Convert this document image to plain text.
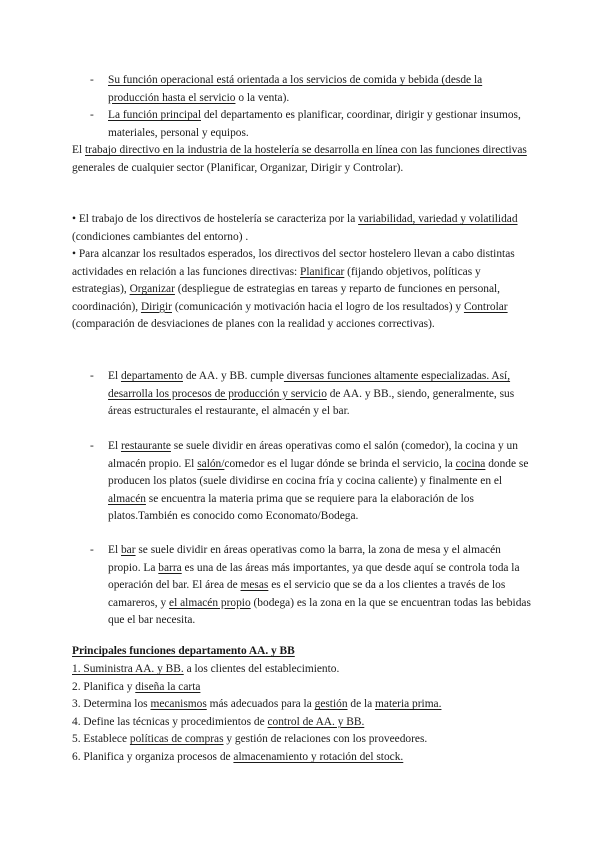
-	Su función operacional está orientada a los servicios de comida y bebida (desde la producción hasta el servicio o la venta).
-	La función principal del departamento es planificar, coordinar, dirigir y gestionar insumos, materiales, personal y equipos.
El trabajo directivo en la industria de la hostelería se desarrolla en línea con las funciones directivas generales de cualquier sector (Planificar, Organizar, Dirigir y Controlar).
• El trabajo de los directivos de hostelería se caracteriza por la variabilidad, variedad y volatilidad (condiciones cambiantes del entorno) .
• Para alcanzar los resultados esperados, los directivos del sector hostelero llevan a cabo distintas actividades en relación a las funciones directivas: Planificar (fijando objetivos, políticas y estrategias), Organizar (despliegue de estrategias en tareas y reparto de funciones en personal, coordinación), Dirigir (comunicación y motivación hacia el logro de los resultados) y Controlar (comparación de desviaciones de planes con la realidad y acciones correctivas).
-	El departamento de AA. y BB. cumple diversas funciones altamente especializadas. Así, desarrolla los procesos de producción y servicio de AA. y BB., siendo, generalmente, sus áreas estructurales el restaurante, el almacén y el bar.
-	El restaurante se suele dividir en áreas operativas como el salón (comedor), la cocina y un almacén propio. El salón/comedor es el lugar dónde se brinda el servicio, la cocina donde se producen los platos (suele dividirse en cocina fría y cocina caliente) y finalmente en el almacén se encuentra la materia prima que se requiere para la elaboración de los platos.También es conocido como Economato/Bodega.
-	El bar se suele dividir en áreas operativas como la barra, la zona de mesa y el almacén propio. La barra es una de las áreas más importantes, ya que desde aquí se controla toda la operación del bar. El área de mesas es el servicio que se da a los clientes a través de los camareros, y el almacén propio (bodega) es la zona en la que se encuentran todas las bebidas que el bar necesita.
Principales funciones departamento AA. y BB
1. Suministra AA. y BB. a los clientes del establecimiento.
2. Planifica y diseña la carta
3. Determina los mecanismos más adecuados para la gestión de la materia prima.
4. Define las técnicas y procedimientos de control de AA. y BB.
5. Establece políticas de compras y gestión de relaciones con los proveedores.
6. Planifica y organiza procesos de almacenamiento y rotación del stock.
